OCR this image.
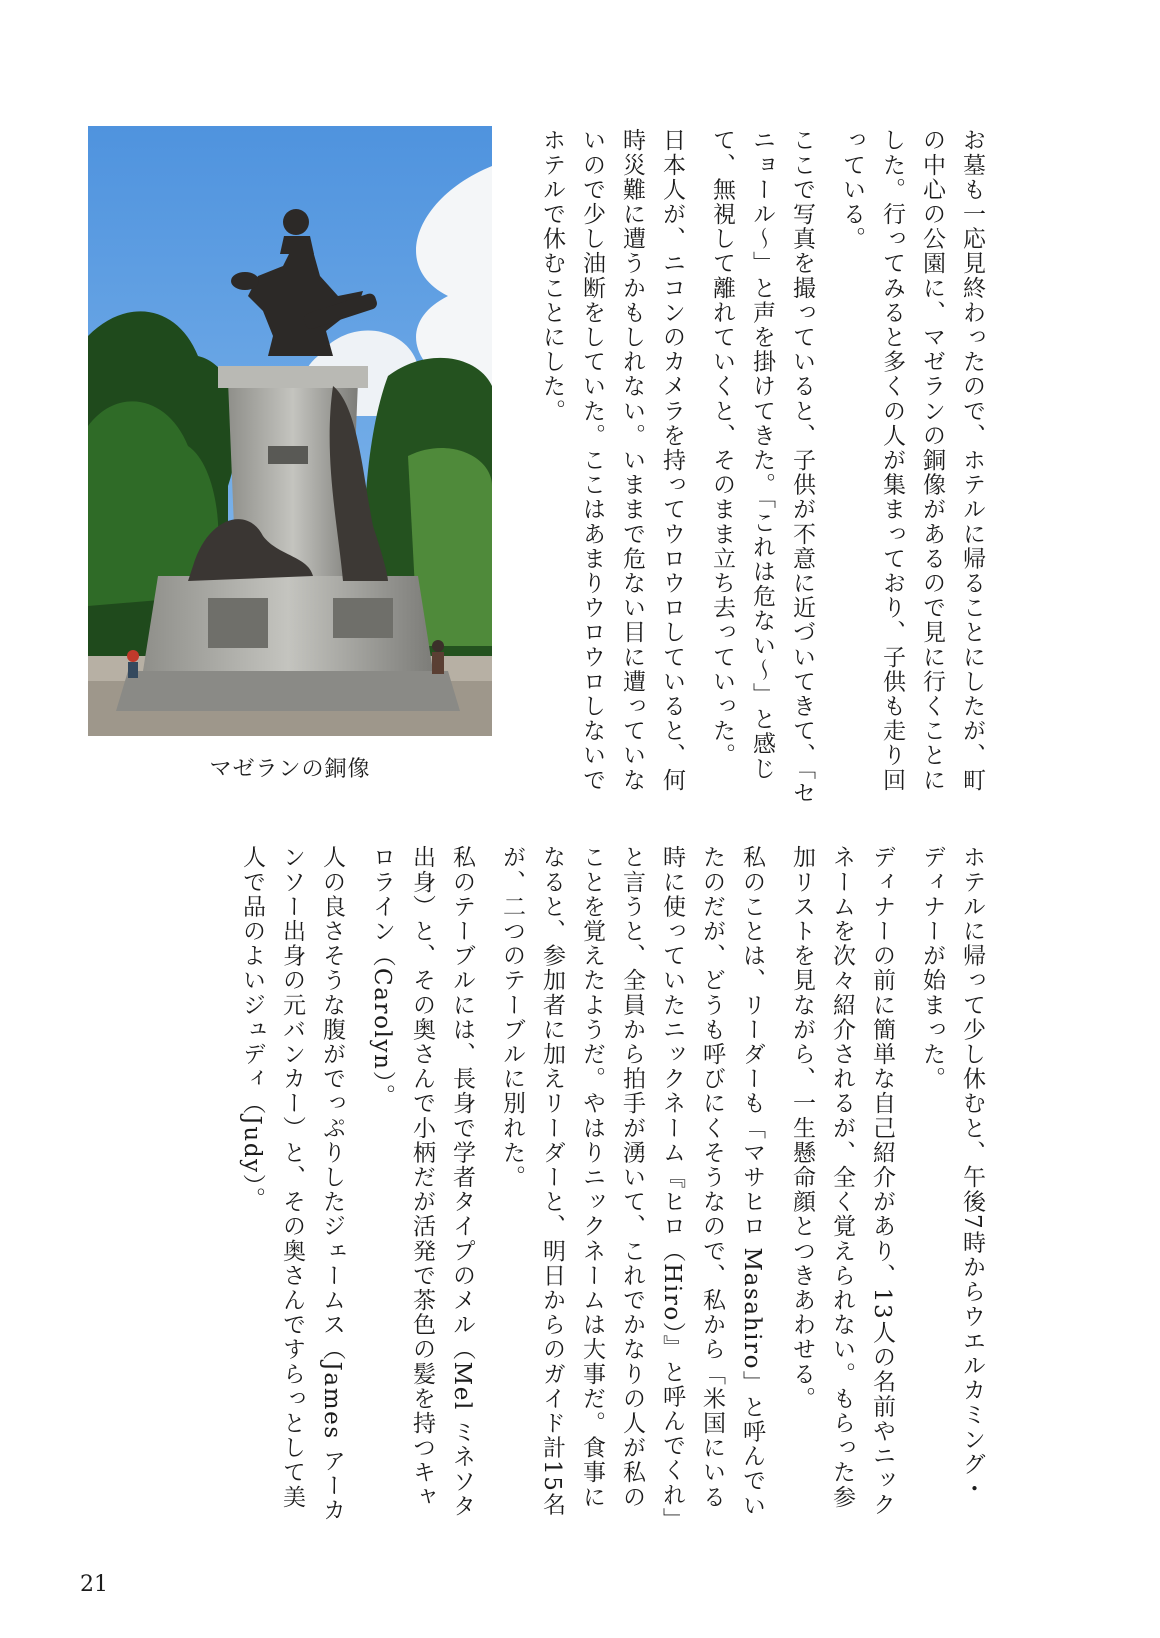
お墓も一応見終わったので、ホテルに帰ることにしたが、町の中心の公園に、マゼランの銅像があるので見に行くことにした。行ってみると多くの人が集まっており、子供も走り回っている。

ここで写真を撮っていると、子供が不意に近づいてきて、「セニョール〜」と声を掛けてきた。「これは危ない〜」と感じて、無視して離れていくと、そのまま立ち去っていった。

日本人が、ニコンのカメラを持ってウロウロしていると、何時災難に遭うかもしれない。いままで危ない目に遭っていないので少し油断をしていた。ここはあまりウロウロしないでホテルで休むことにした。

マゼランの銅像

ホテルに帰って少し休むと、午後7時からウエルカミング・ディナーが始まった。

ディナーの前に簡単な自己紹介があり、13人の名前やニックネームを次々紹介されるが、全く覚えられない。もらった参加リストを見ながら、一生懸命顔とつきあわせる。

私のことは、リーダーも「マサヒロ Masahiro」と呼んでいたのだが、どうも呼びにくそうなので、私から「米国にいる時に使っていたニックネーム『ヒロ（Hiro）』と呼んでくれ」と言うと、全員から拍手が湧いて、これでかなりの人が私のことを覚えたようだ。やはりニックネームは大事だ。食事になると、参加者に加えリーダーと、明日からのガイド計15名が、二つのテーブルに別れた。

私のテーブルには、長身で学者タイプのメル（Mel ミネソタ出身）と、その奥さんで小柄だが活発で茶色の髪を持つキャロライン（Carolyn）。

人の良さそうな腹がでっぷりしたジェームス（James アーカンソー出身の元バンカー）と、その奥さんですらっとして美人で品のよいジュディ（Judy）。

21
